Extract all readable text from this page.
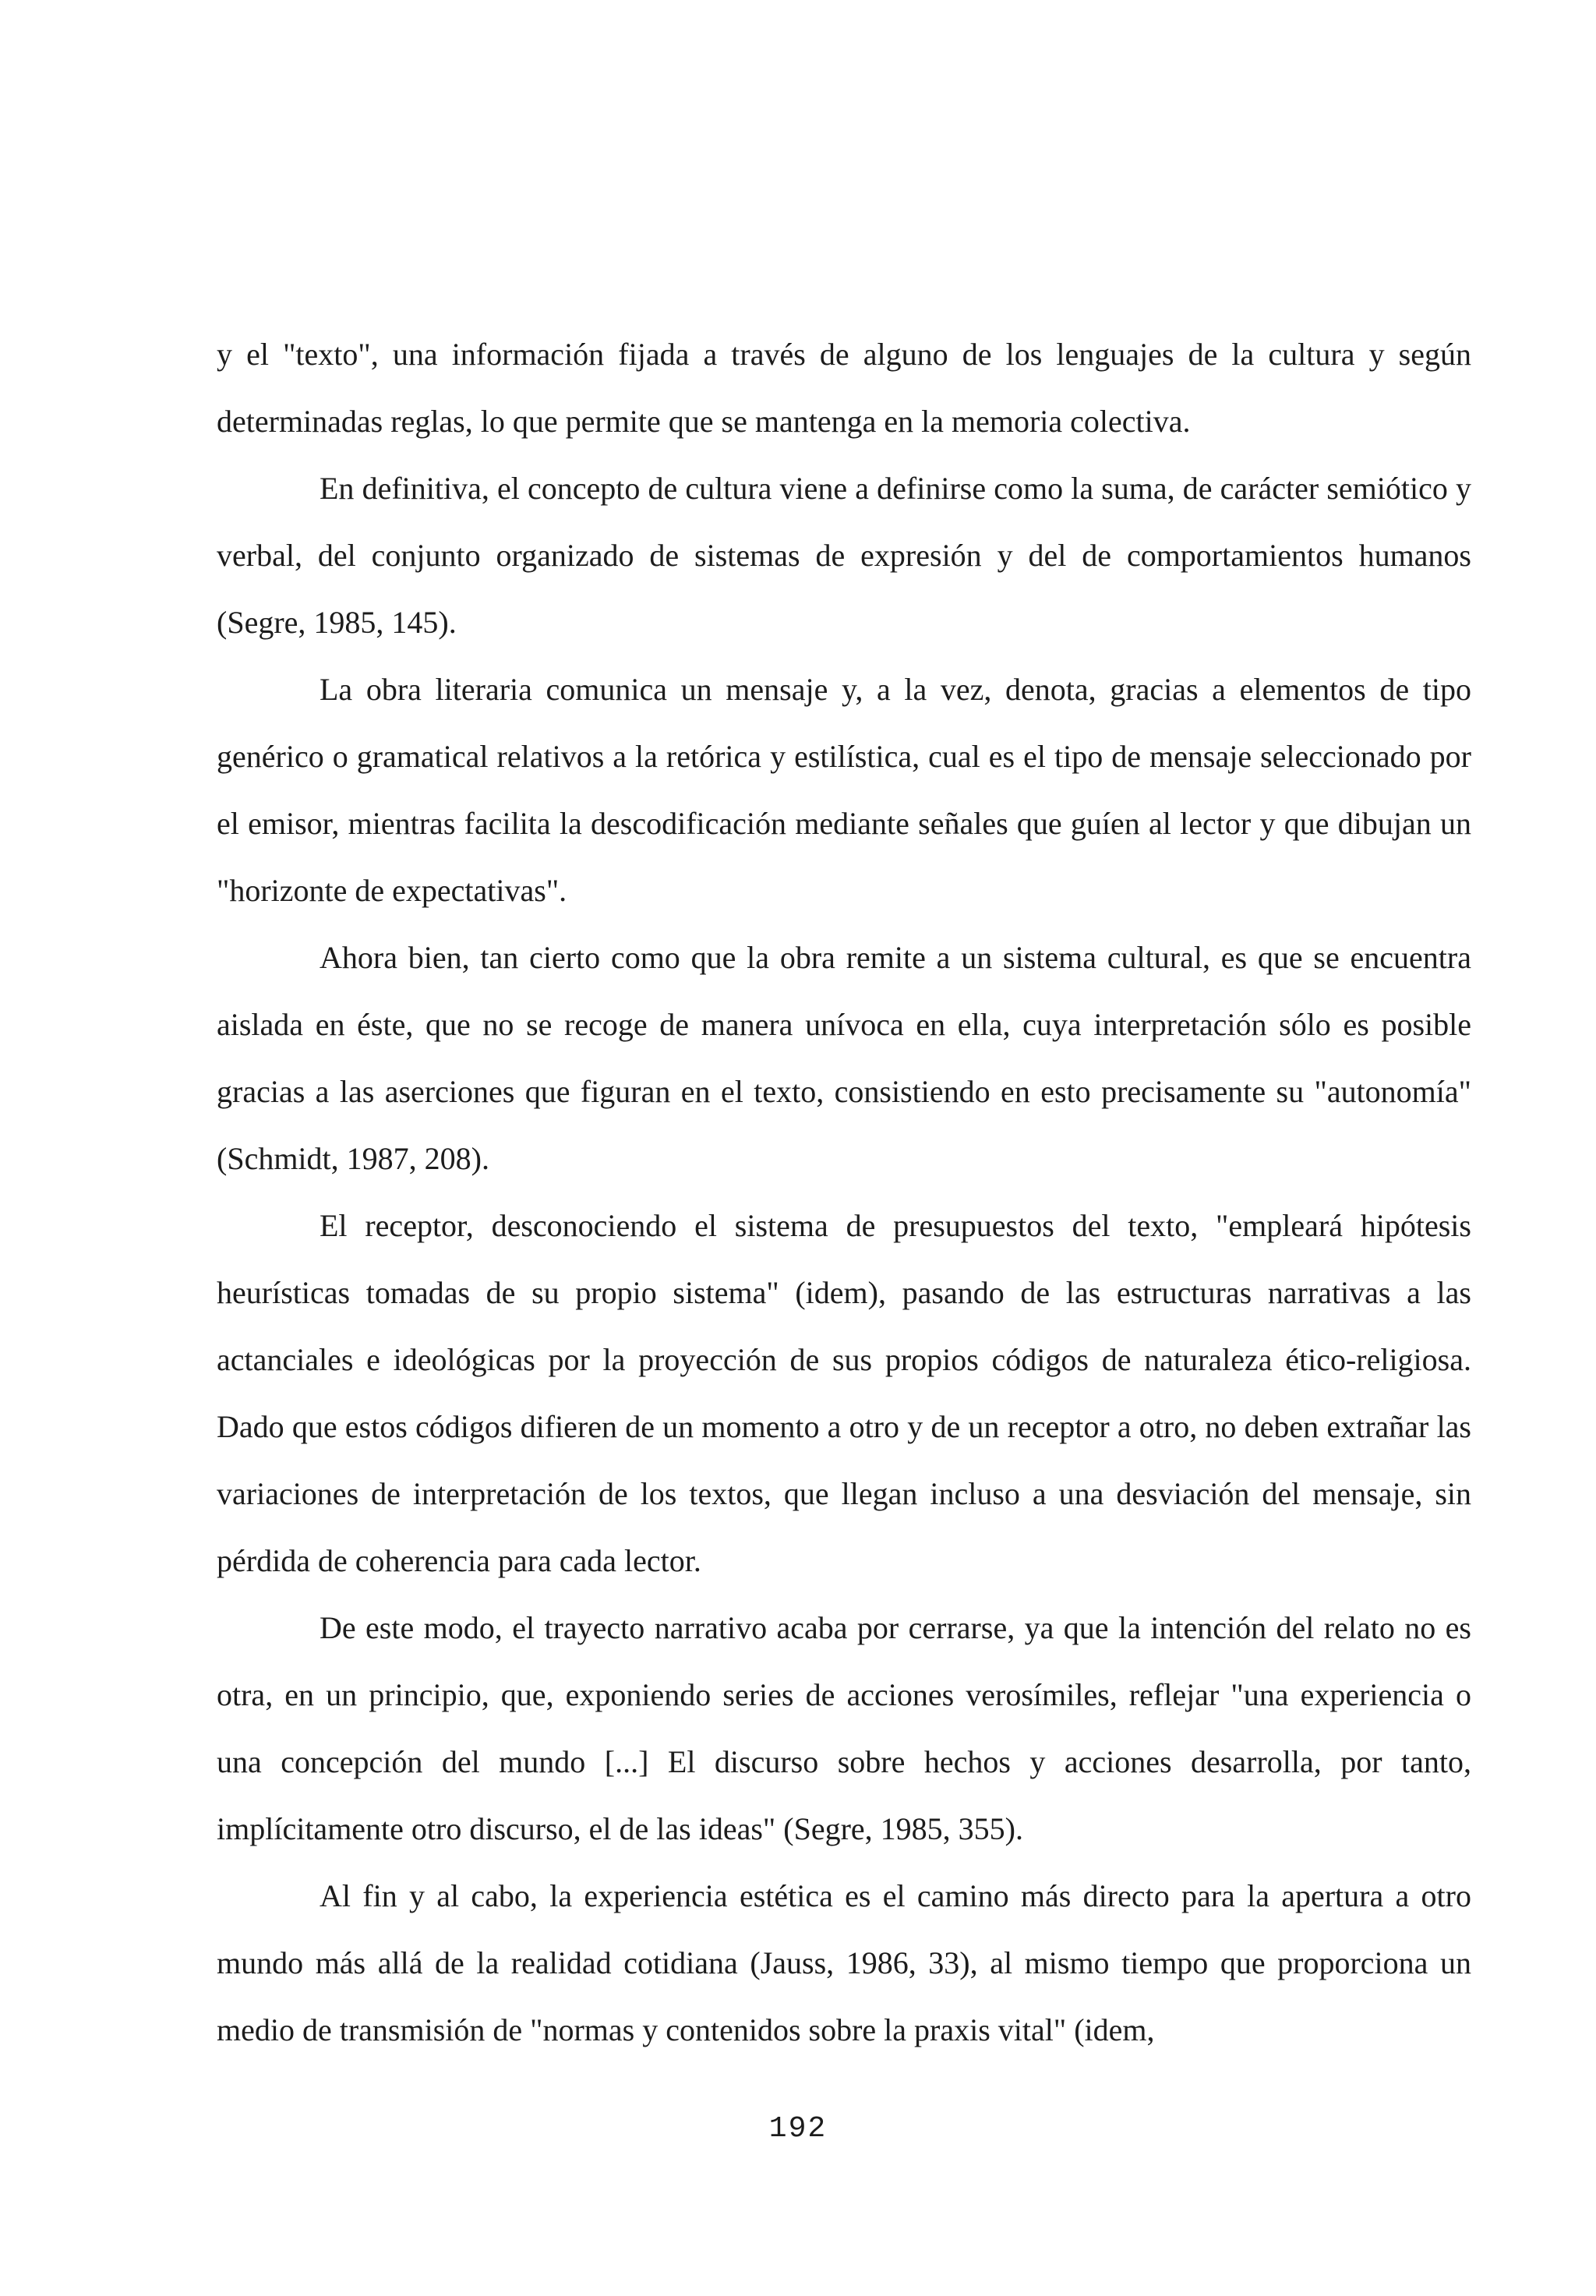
y el "texto", una información fijada a través de alguno de los lenguajes de la cultura y según determinadas reglas, lo que permite que se mantenga en la memoria colectiva.

En definitiva, el concepto de cultura viene a definirse como la suma, de carácter semiótico y verbal, del conjunto organizado de sistemas de expresión y del de comportamientos humanos (Segre, 1985, 145).

La obra literaria comunica un mensaje y, a la vez, denota, gracias a elementos de tipo genérico o gramatical relativos a la retórica y estilística, cual es el tipo de mensaje seleccionado por el emisor, mientras facilita la descodificación mediante señales que guíen al lector y que dibujan un "horizonte de expectativas".

Ahora bien, tan cierto como que la obra remite a un sistema cultural, es que se encuentra aislada en éste, que no se recoge de manera unívoca en ella, cuya interpretación sólo es posible gracias a las aserciones que figuran en el texto, consistiendo en esto precisamente su "autonomía" (Schmidt, 1987, 208).

El receptor, desconociendo el sistema de presupuestos del texto, "empleará hipótesis heurísticas tomadas de su propio sistema" (idem), pasando de las estructuras narrativas a las actanciales e ideológicas por la proyección de sus propios códigos de naturaleza ético-religiosa. Dado que estos códigos difieren de un momento a otro y de un receptor a otro, no deben extrañar las variaciones de interpretación de los textos, que llegan incluso a una desviación del mensaje, sin pérdida de coherencia para cada lector.

De este modo, el trayecto narrativo acaba por cerrarse, ya que la intención del relato no es otra, en un principio, que, exponiendo series de acciones verosímiles, reflejar "una experiencia o una concepción del mundo [...] El discurso sobre hechos y acciones desarrolla, por tanto, implícitamente otro discurso, el de las ideas" (Segre, 1985, 355).

Al fin y al cabo, la experiencia estética es el camino más directo para la apertura a otro mundo más allá de la realidad cotidiana (Jauss, 1986, 33), al mismo tiempo que proporciona un medio de transmisión de "normas y contenidos sobre la praxis vital" (idem,

192
